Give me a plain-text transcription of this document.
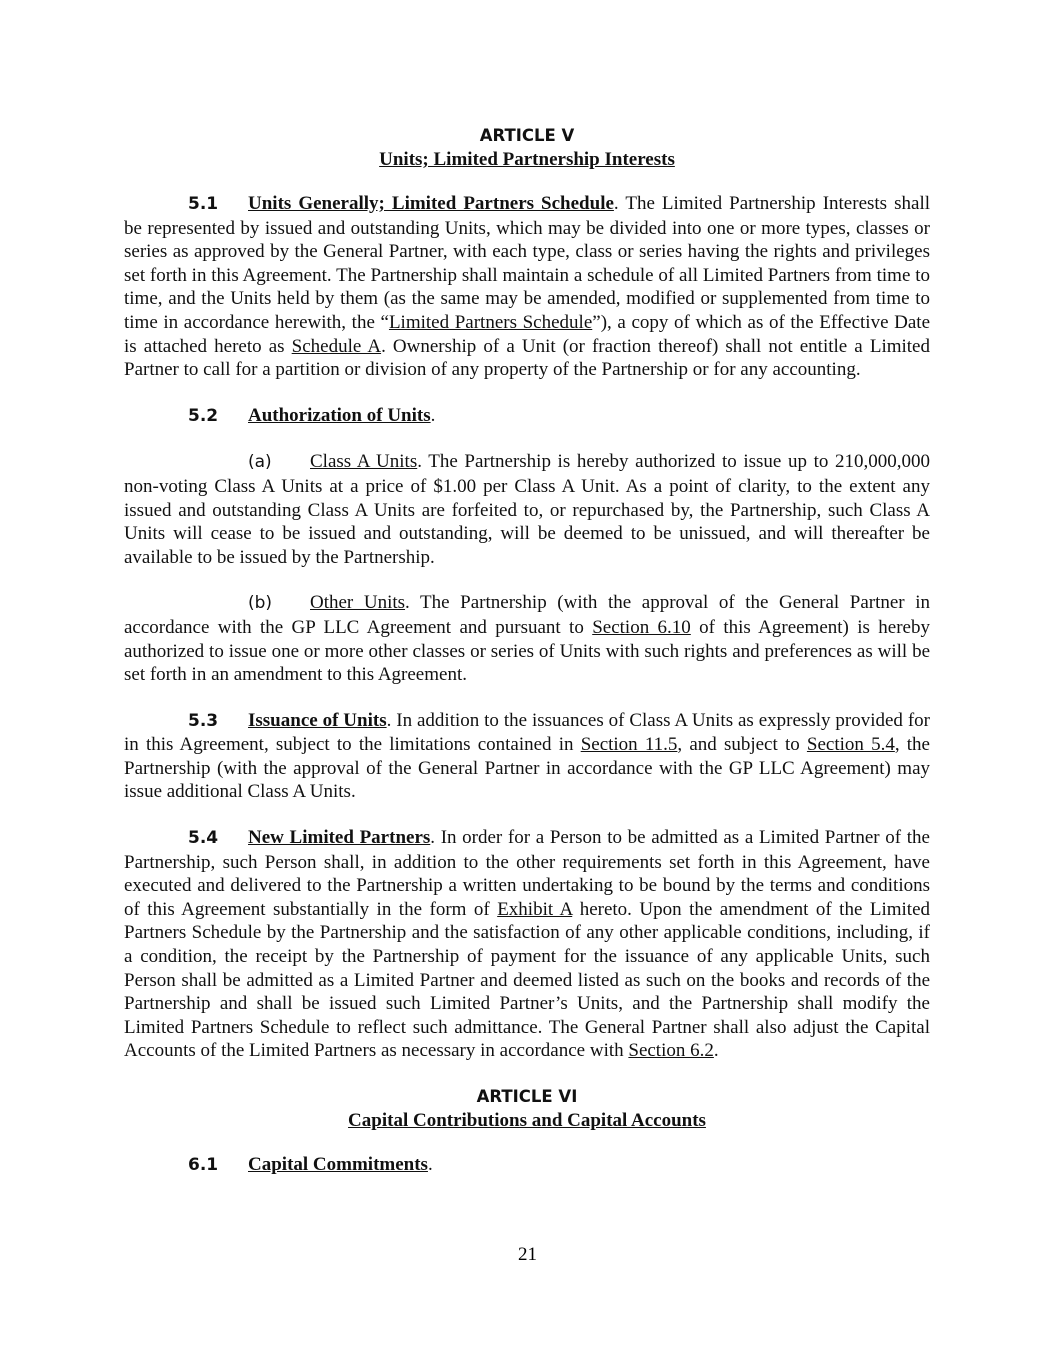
ARTICLE V
Units; Limited Partnership Interests

5.1 Units Generally; Limited Partners Schedule. The Limited Partnership Interests shall be represented by issued and outstanding Units, which may be divided into one or more types, classes or series as approved by the General Partner, with each type, class or series having the rights and privileges set forth in this Agreement. The Partnership shall maintain a schedule of all Limited Partners from time to time, and the Units held by them (as the same may be amended, modified or supplemented from time to time in accordance herewith, the “Limited Partners Schedule”), a copy of which as of the Effective Date is attached hereto as Schedule A. Ownership of a Unit (or fraction thereof) shall not entitle a Limited Partner to call for a partition or division of any property of the Partnership or for any accounting.

5.2 Authorization of Units.

(a) Class A Units. The Partnership is hereby authorized to issue up to 210,000,000 non-voting Class A Units at a price of $1.00 per Class A Unit. As a point of clarity, to the extent any issued and outstanding Class A Units are forfeited to, or repurchased by, the Partnership, such Class A Units will cease to be issued and outstanding, will be deemed to be unissued, and will thereafter be available to be issued by the Partnership.

(b) Other Units. The Partnership (with the approval of the General Partner in accordance with the GP LLC Agreement and pursuant to Section 6.10 of this Agreement) is hereby authorized to issue one or more other classes or series of Units with such rights and preferences as will be set forth in an amendment to this Agreement.

5.3 Issuance of Units. In addition to the issuances of Class A Units as expressly provided for in this Agreement, subject to the limitations contained in Section 11.5, and subject to Section 5.4, the Partnership (with the approval of the General Partner in accordance with the GP LLC Agreement) may issue additional Class A Units.

5.4 New Limited Partners. In order for a Person to be admitted as a Limited Partner of the Partnership, such Person shall, in addition to the other requirements set forth in this Agreement, have executed and delivered to the Partnership a written undertaking to be bound by the terms and conditions of this Agreement substantially in the form of Exhibit A hereto. Upon the amendment of the Limited Partners Schedule by the Partnership and the satisfaction of any other applicable conditions, including, if a condition, the receipt by the Partnership of payment for the issuance of any applicable Units, such Person shall be admitted as a Limited Partner and deemed listed as such on the books and records of the Partnership and shall be issued such Limited Partner’s Units, and the Partnership shall modify the Limited Partners Schedule to reflect such admittance. The General Partner shall also adjust the Capital Accounts of the Limited Partners as necessary in accordance with Section 6.2.

ARTICLE VI
Capital Contributions and Capital Accounts

6.1 Capital Commitments.

21
